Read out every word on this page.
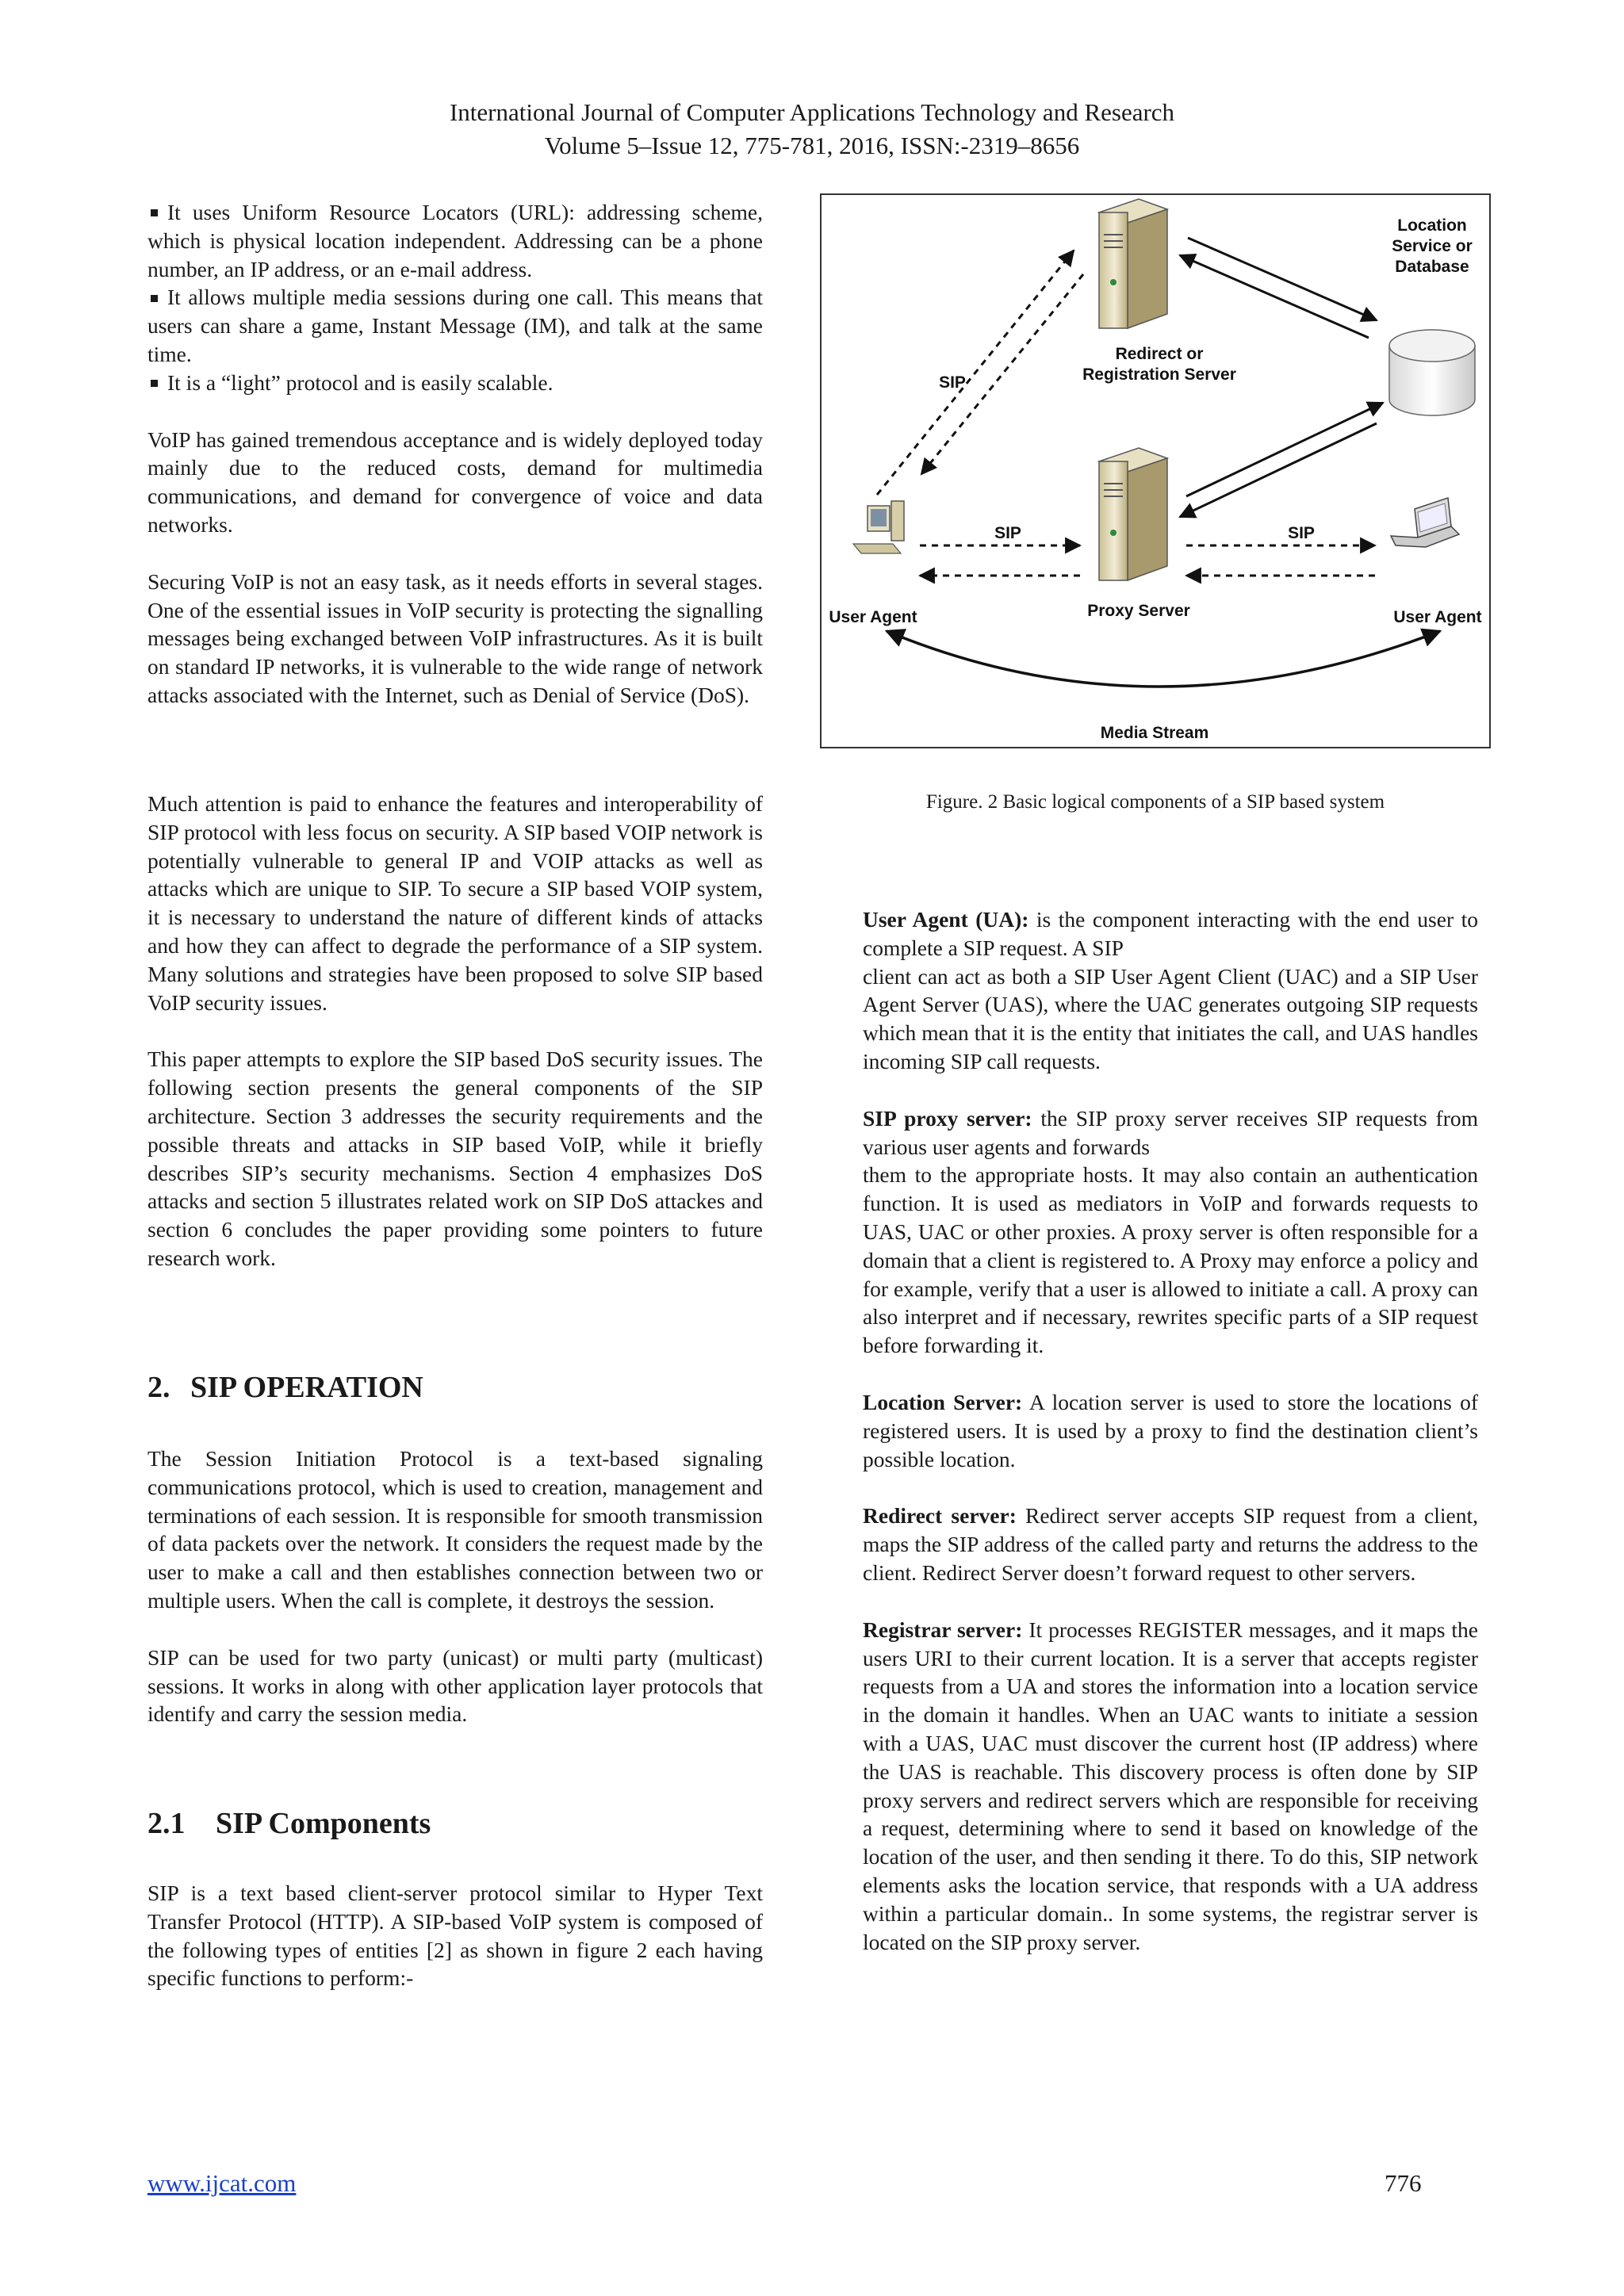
International Journal of Computer Applications Technology and Research
Volume 5–Issue 12, 775-781, 2016, ISSN:-2319–8656

It uses Uniform Resource Locators (URL): addressing scheme, which is physical location independent. Addressing can be a phone number, an IP address, or an e-mail address.

It allows multiple media sessions during one call. This means that users can share a game, Instant Message (IM), and talk at the same time.

It is a “light” protocol and is easily scalable.

VoIP has gained tremendous acceptance and is widely deployed today mainly due to the reduced costs, demand for multimedia communications, and demand for convergence of voice and data networks.

Securing VoIP is not an easy task, as it needs efforts in several stages. One of the essential issues in VoIP security is protecting the signalling messages being exchanged between VoIP infrastructures. As it is built on standard IP networks, it is vulnerable to the wide range of network attacks associated with the Internet, such as Denial of Service (DoS).

Much attention is paid to enhance the features and interoperability of SIP protocol with less focus on security. A SIP based VOIP network is potentially vulnerable to general IP and VOIP attacks as well as attacks which are unique to SIP. To secure a SIP based VOIP system, it is necessary to understand the nature of different kinds of attacks and how they can affect to degrade the performance of a SIP system. Many solutions and strategies have been proposed to solve SIP based VoIP security issues.

This paper attempts to explore the SIP based DoS security issues. The following section presents the general components of the SIP architecture. Section 3 addresses the security requirements and the possible threats and attacks in SIP based VoIP, while it briefly describes SIP’s security mechanisms. Section 4 emphasizes DoS attacks and section 5 illustrates related work on SIP DoS attackes and section 6 concludes the paper providing some pointers to future research work.

2. SIP OPERATION

The Session Initiation Protocol is a text-based signaling communications protocol, which is used to creation, management and terminations of each session. It is responsible for smooth transmission of data packets over the network. It considers the request made by the user to make a call and then establishes connection between two or multiple users. When the call is complete, it destroys the session.

SIP can be used for two party (unicast) or multi party (multicast) sessions. It works in along with other application layer protocols that identify and carry the session media.

2.1 SIP Components

SIP is a text based client-server protocol similar to Hyper Text Transfer Protocol (HTTP). A SIP-based VoIP system is composed of the following types of entities [2] as shown in figure 2 each having specific functions to perform:-

Location Service or Database
Redirect or Registration Server
SIP
SIP	SIP
User Agent	Proxy Server	User Agent
Media Stream
Figure. 2 Basic logical components of a SIP based system

User Agent (UA): is the component interacting with the end user to complete a SIP request. A SIP

client can act as both a SIP User Agent Client (UAC) and a SIP User Agent Server (UAS), where the UAC generates outgoing SIP requests which mean that it is the entity that initiates the call, and UAS handles incoming SIP call requests.

SIP proxy server: the SIP proxy server receives SIP requests from various user agents and forwards

them to the appropriate hosts. It may also contain an authentication function. It is used as mediators in VoIP and forwards requests to UAS, UAC or other proxies. A proxy server is often responsible for a domain that a client is registered to. A Proxy may enforce a policy and for example, verify that a user is allowed to initiate a call. A proxy can also interpret and if necessary, rewrites specific parts of a SIP request before forwarding it.

Location Server: A location server is used to store the locations of registered users. It is used by a proxy to find the destination client’s possible location.

Redirect server: Redirect server accepts SIP request from a client, maps the SIP address of the called party and returns the address to the client. Redirect Server doesn’t forward request to other servers.

Registrar server: It processes REGISTER messages, and it maps the users URI to their current location. It is a server that accepts register requests from a UA and stores the information into a location service in the domain it handles. When an UAC wants to initiate a session with a UAS, UAC must discover the current host (IP address) where the UAS is reachable. This discovery process is often done by SIP proxy servers and redirect servers which are responsible for receiving a request, determining where to send it based on knowledge of the location of the user, and then sending it there. To do this, SIP network elements asks the location service, that responds with a UA address within a particular domain.. In some systems, the registrar server is located on the SIP proxy server.

www.ijcat.com	776
